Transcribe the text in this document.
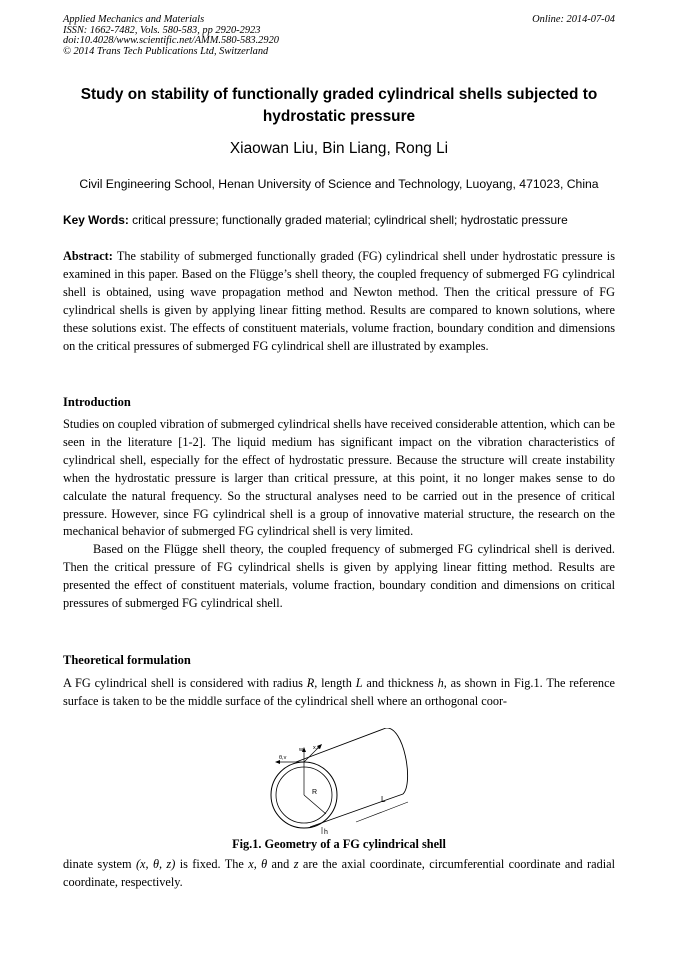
Applied Mechanics and Materials
ISSN: 1662-7482, Vols. 580-583, pp 2920-2923
doi:10.4028/www.scientific.net/AMM.580-583.2920
© 2014 Trans Tech Publications Ltd, Switzerland
Online: 2014-07-04
Study on stability of functionally graded cylindrical shells subjected to hydrostatic pressure
Xiaowan Liu, Bin Liang, Rong Li
Civil Engineering School, Henan University of Science and Technology, Luoyang, 471023, China
Key Words: critical pressure; functionally graded material; cylindrical shell; hydrostatic pressure
Abstract: The stability of submerged functionally graded (FG) cylindrical shell under hydrostatic pressure is examined in this paper. Based on the Flügge’s shell theory, the coupled frequency of submerged FG cylindrical shell is obtained, using wave propagation method and Newton method. Then the critical pressure of FG cylindrical shells is given by applying linear fitting method. Results are compared to known solutions, where these solutions exist. The effects of constituent materials, volume fraction, boundary condition and dimensions on the critical pressures of submerged FG cylindrical shell are illustrated by examples.
Introduction

Studies on coupled vibration of submerged cylindrical shells have received considerable attention, which can be seen in the literature [1-2]. The liquid medium has significant impact on the vibration characteristics of cylindrical shell, especially for the effect of hydrostatic pressure. Because the structure will create instability when the hydrostatic pressure is larger than critical pressure, at this point, it no longer makes sense to do calculate the natural frequency. So the structural analyses need to be carried out in the presence of critical pressure. However, since FG cylindrical shell is a group of innovative material structure, the research on the mechanical behavior of submerged FG cylindrical shell is very limited.

Based on the Flügge shell theory, the coupled frequency of submerged FG cylindrical shell is derived. Then the critical pressure of FG cylindrical shells is given by applying linear fitting method. Results are presented the effect of constituent materials, volume fraction, boundary condition and dimensions on critical pressures of submerged FG cylindrical shell.

Theoretical formulation
A FG cylindrical shell is considered with radius R, length L and thickness h, as shown in Fig.1. The reference surface is taken to be the middle surface of the cylindrical shell where an orthogonal coor-
w
θ,v
x,u
R
L
h
Fig.1. Geometry of a FG cylindrical shell
dinate system (x, θ, z) is fixed. The x, θ and z are the axial coordinate, circumferential coordinate and radial coordinate, respectively.
